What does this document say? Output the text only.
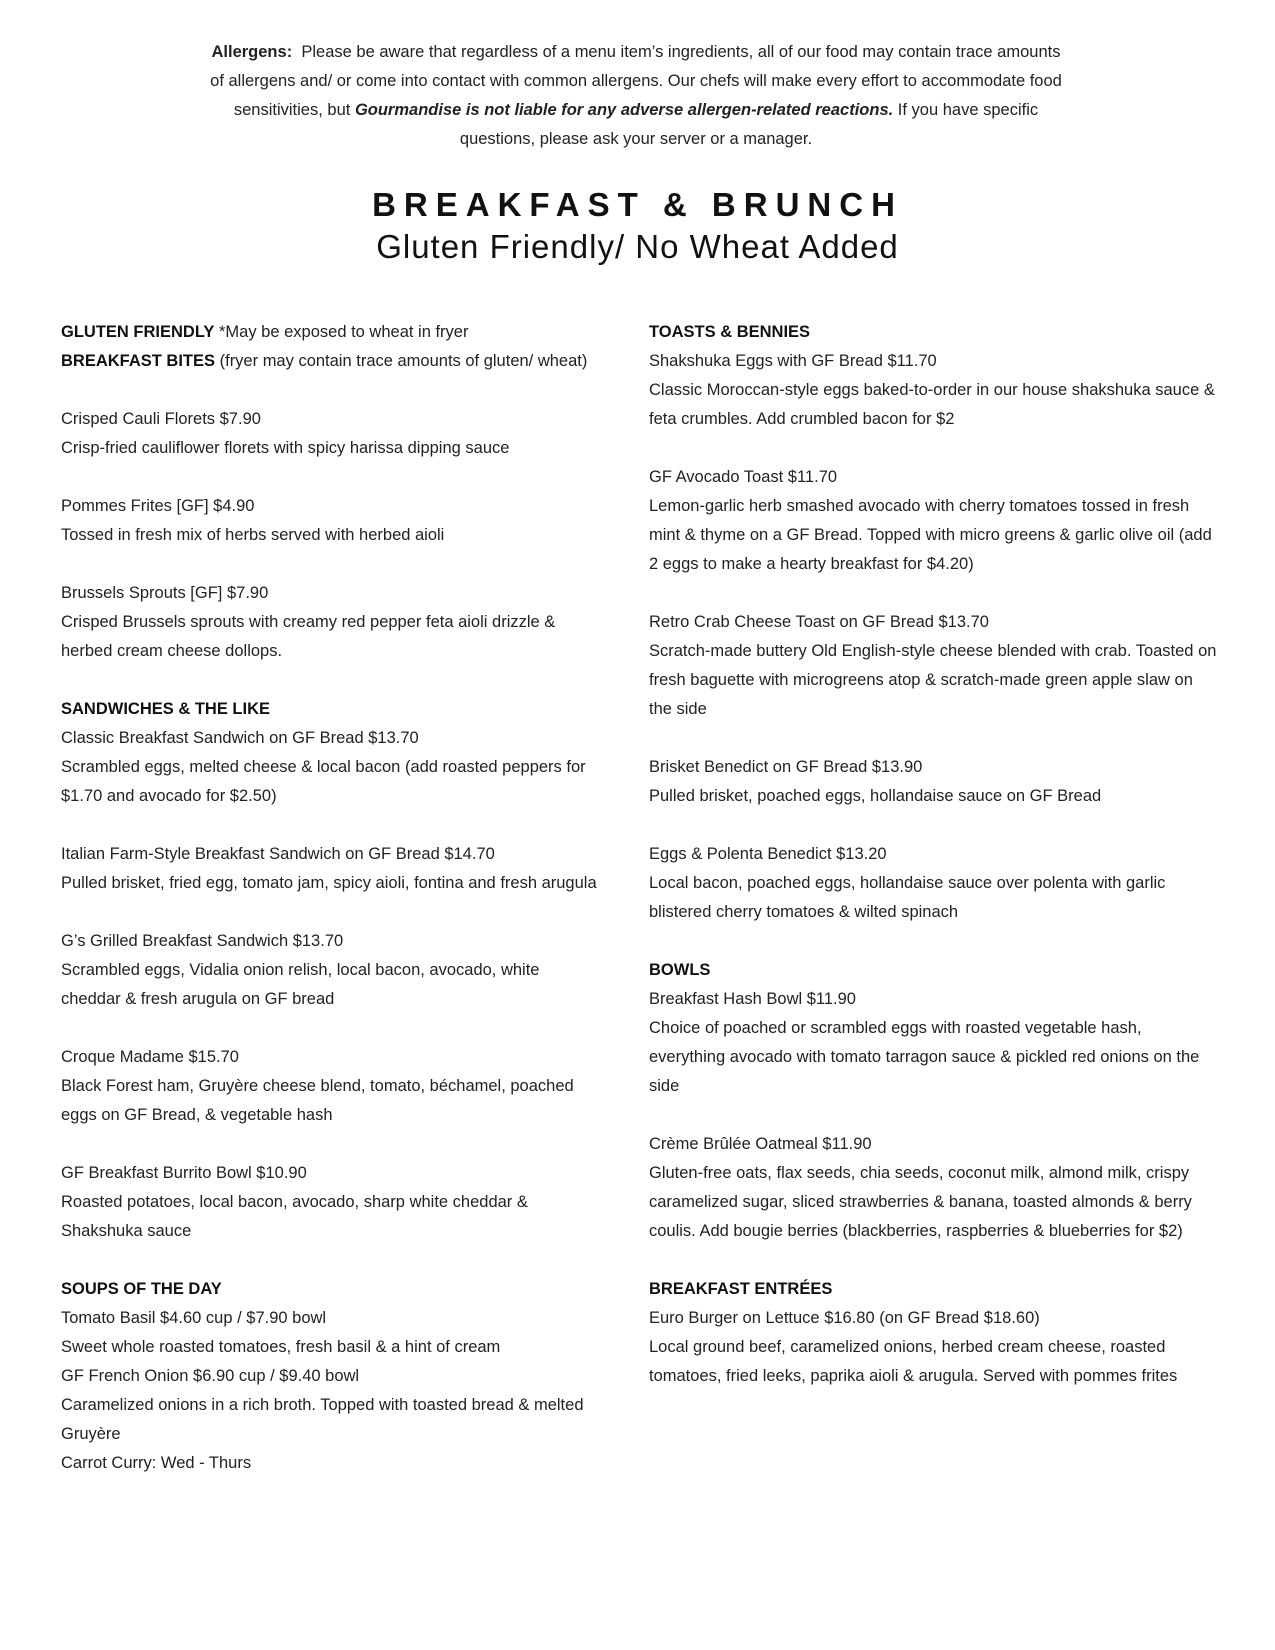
Allergens: Please be aware that regardless of a menu item’s ingredients, all of our food may contain trace amounts of allergens and/ or come into contact with common allergens. Our chefs will make every effort to accommodate food sensitivities, but Gourmandise is not liable for any adverse allergen-related reactions. If you have specific questions, please ask your server or a manager.
BREAKFAST & BRUNCH
Gluten Friendly/ No Wheat Added

GLUTEN FRIENDLY *May be exposed to wheat in fryer

BREAKFAST BITES (fryer may contain trace amounts of gluten/ wheat)

Crisped Cauli Florets $7.90

Crisp-fried cauliflower florets with spicy harissa dipping sauce

Pommes Frites [GF] $4.90

Tossed in fresh mix of herbs served with herbed aioli

Brussels Sprouts [GF] $7.90

Crisped Brussels sprouts with creamy red pepper feta aioli drizzle & herbed cream cheese dollops.

SANDWICHES & THE LIKE

Classic Breakfast Sandwich on GF Bread $13.70

Scrambled eggs, melted cheese & local bacon (add roasted peppers for $1.70 and avocado for $2.50)

Italian Farm-Style Breakfast Sandwich on GF Bread $14.70

Pulled brisket, fried egg, tomato jam, spicy aioli, fontina and fresh arugula

G’s Grilled Breakfast Sandwich $13.70

Scrambled eggs, Vidalia onion relish, local bacon, avocado, white cheddar & fresh arugula on GF bread

Croque Madame $15.70

Black Forest ham, Gruyère cheese blend, tomato, béchamel, poached eggs on GF Bread, & vegetable hash

GF Breakfast Burrito Bowl $10.90

Roasted potatoes, local bacon, avocado, sharp white cheddar & Shakshuka sauce

SOUPS OF THE DAY

Tomato Basil $4.60 cup / $7.90 bowl

Sweet whole roasted tomatoes, fresh basil & a hint of cream

GF French Onion $6.90 cup / $9.40 bowl

Caramelized onions in a rich broth. Topped with toasted bread & melted Gruyère

Carrot Curry: Wed - Thurs

TOASTS & BENNIES

Shakshuka Eggs with GF Bread $11.70

Classic Moroccan-style eggs baked-to-order in our house shakshuka sauce & feta crumbles. Add crumbled bacon for $2

GF Avocado Toast $11.70

Lemon-garlic herb smashed avocado with cherry tomatoes tossed in fresh mint & thyme on a GF Bread. Topped with micro greens & garlic olive oil (add 2 eggs to make a hearty breakfast for $4.20)

Retro Crab Cheese Toast on GF Bread $13.70

Scratch-made buttery Old English-style cheese blended with crab. Toasted on fresh baguette with microgreens atop & scratch-made green apple slaw on the side

Brisket Benedict on GF Bread $13.90

Pulled brisket, poached eggs, hollandaise sauce on GF Bread

Eggs & Polenta Benedict $13.20

Local bacon, poached eggs, hollandaise sauce over polenta with garlic blistered cherry tomatoes & wilted spinach

BOWLS

Breakfast Hash Bowl $11.90

Choice of poached or scrambled eggs with roasted vegetable hash, everything avocado with tomato tarragon sauce & pickled red onions on the side

Crème Brûlée Oatmeal $11.90

Gluten-free oats, flax seeds, chia seeds, coconut milk, almond milk, crispy caramelized sugar, sliced strawberries & banana, toasted almonds & berry coulis. Add bougie berries (blackberries, raspberries & blueberries for $2)

BREAKFAST ENTRÉES

Euro Burger on Lettuce $16.80 (on GF Bread $18.60)

Local ground beef, caramelized onions, herbed cream cheese, roasted tomatoes, fried leeks, paprika aioli & arugula. Served with pommes frites
